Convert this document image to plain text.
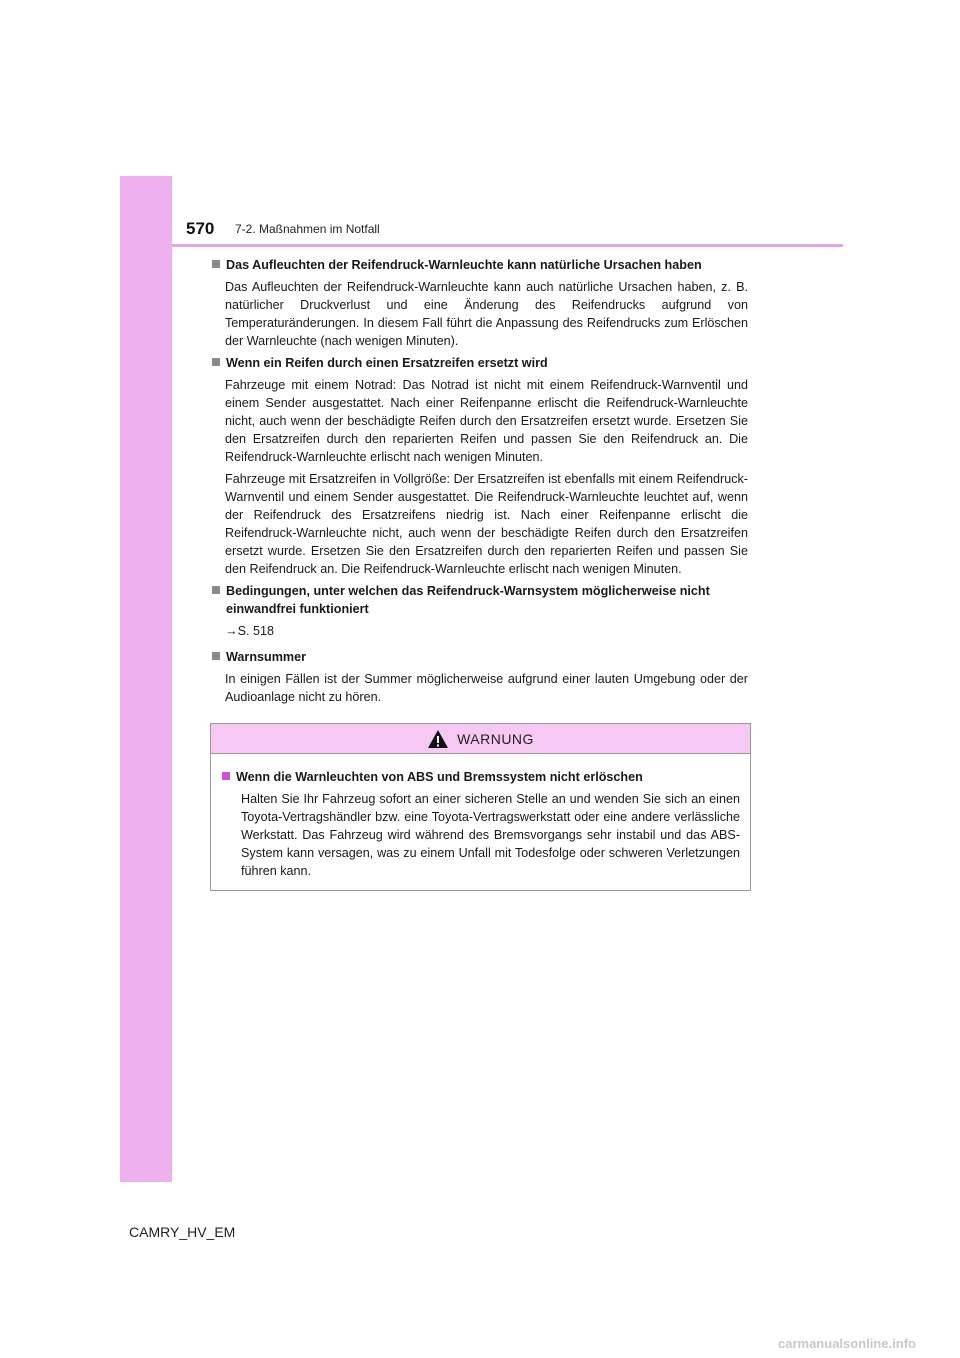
570 7-2. Maßnahmen im Notfall
Das Aufleuchten der Reifendruck-Warnleuchte kann natürliche Ursachen haben

Das Aufleuchten der Reifendruck-Warnleuchte kann auch natürliche Ursachen haben, z. B. natürlicher Druckverlust und eine Änderung des Reifendrucks aufgrund von Temperaturänderungen. In diesem Fall führt die Anpassung des Reifendrucks zum Erlöschen der Warnleuchte (nach wenigen Minuten).

Wenn ein Reifen durch einen Ersatzreifen ersetzt wird

Fahrzeuge mit einem Notrad: Das Notrad ist nicht mit einem Reifendruck-Warnventil und einem Sender ausgestattet. Nach einer Reifenpanne erlischt die Reifendruck-Warnleuchte nicht, auch wenn der beschädigte Reifen durch den Ersatzreifen ersetzt wurde. Ersetzen Sie den Ersatzreifen durch den reparierten Reifen und passen Sie den Reifendruck an. Die Reifendruck-Warnleuchte erlischt nach wenigen Minuten.

Fahrzeuge mit Ersatzreifen in Vollgröße: Der Ersatzreifen ist ebenfalls mit einem Reifendruck-Warnventil und einem Sender ausgestattet. Die Reifendruck-Warnleuchte leuchtet auf, wenn der Reifendruck des Ersatzreifens niedrig ist. Nach einer Reifenpanne erlischt die Reifendruck-Warnleuchte nicht, auch wenn der beschädigte Reifen durch den Ersatzreifen ersetzt wurde. Ersetzen Sie den Ersatzreifen durch den reparierten Reifen und passen Sie den Reifendruck an. Die Reifendruck-Warnleuchte erlischt nach wenigen Minuten.

Bedingungen, unter welchen das Reifendruck-Warnsystem möglicherweise nicht einwandfrei funktioniert
→S. 518
Warnsummer

In einigen Fällen ist der Summer möglicherweise aufgrund einer lauten Umgebung oder der Audioanlage nicht zu hören.

WARNUNG
Wenn die Warnleuchten von ABS und Bremssystem nicht erlöschen

Halten Sie Ihr Fahrzeug sofort an einer sicheren Stelle an und wenden Sie sich an einen Toyota-Vertragshändler bzw. eine Toyota-Vertragswerkstatt oder eine andere verlässliche Werkstatt. Das Fahrzeug wird während des Bremsvorgangs sehr instabil und das ABS-System kann versagen, was zu einem Unfall mit Todesfolge oder schweren Verletzungen führen kann.

CAMRY_HV_EM
carmanualsonline.info
